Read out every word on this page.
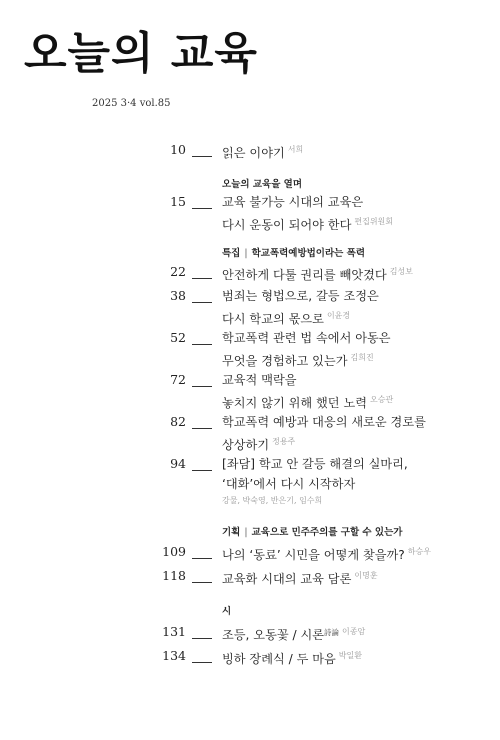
오늘의 교육
2025 3·4 vol.85
10	읽은 이야기 $^{서희}$
오늘의 교육을 열며
15	교육 불가능 시대의 교육은
다시 운동이 되어야 한다 $^{편집위원회}$
특집 | 학교폭력예방법이라는 폭력
22	안전하게 다툴 권리를 빼앗겼다 $^{김성보}$
38	범죄는 형법으로, 갈등 조정은
다시 학교의 몫으로 $^{이윤경}$
52	학교폭력 관련 법 속에서 아동은
무엇을 경험하고 있는가 $^{김희진}$
72	교육적 맥락을
놓치지 않기 위해 했던 노력 $^{오승관}$
82	학교폭력 예방과 대응의 새로운 경로를
상상하기 $^{정용주}$
94	[좌담] 학교 안 갈등 해결의 실마리,
‘대화’에서 다시 시작하자
강물, 박숙영, 반은기, 임수희
기획 | 교육으로 민주주의를 구할 수 있는가
109	나의 ‘동료’ 시민을 어떻게 찾을까? $^{하승우}$
118	교육화 시대의 교육 담론 $^{이명훈}$
시
131	조등, 오동꽃 / 시론$^{詩論}$ $^{이종암}$
134	빙하 장례식 / 두 마음 $^{박일환}$
